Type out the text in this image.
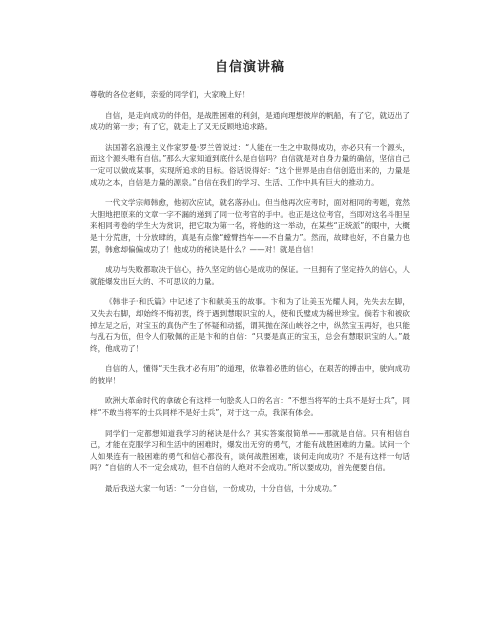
自信演讲稿

尊敬的各位老师，亲爱的同学们，大家晚上好！

自信，是走向成功的伴侣，是战胜困难的利剑，是通向理想彼岸的帆船，有了它，就迈出了成功的第一步；有了它，就走上了又无反顾地追求路。

法国著名浪漫主义作家罗曼·罗兰曾说过：“人能在一生之中取得成功，亦必只有一个源头，而这个源头唯有自信。”那么大家知道到底什么是自信吗？自信就是对自身力量的确信，坚信自己一定可以做成某事，实现所追求的目标。俗话说得好：“这个世界是由自信创造出来的，力量是成功之本，自信是力量的源泉。”自信在我们的学习、生活、工作中具有巨大的推动力。

一代文学宗师韩愈，他初次应试，就名落孙山。但当他再次应考时，面对相同的考题，竟然大胆地把原来的文章一字不漏的递到了同一位考官的手中。也正是这位考官，当即对这名斗胆呈来相同考卷的学生大为赏识，把它取为第一名，将他的这一举动，在某些“正统派”的眼中，大概是十分荒唐，十分放肆的，真是有点像“螳臂挡车——不自量力”。然而，故肆也好，不自量力也罢，韩愈却偏偏成功了！他成功的秘诀是什么？——对！就是自信！

成功与失败都取决于信心，持久坚定的信心是成功的保证。一旦拥有了坚定持久的信心，人就能爆发出巨大的、不可思议的力量。

《韩非子·和氏篇》中记述了卞和献美玉的故事。卞和为了让美玉光耀人间，先失去左脚，又失去右脚，却始终不悔初衷，终于遇到慧眼识宝的人，使和氏璧成为稀世珍宝。倘若卞和被砍掉左足之后，对宝玉的真伪产生了怀疑和动摇，谓其抛在深山峡谷之中，纵然宝玉再好，也只能与乱石为伍，但令人们敬佩的正是卞和的自信：“只要是真正的宝玉，总会有慧眼识宝的人。”最终，他成功了！

自信的人，懂得“天生我才必有用”的道理，依靠着必胜的信心，在艰苦的搏击中，驶向成功的彼岸！

欧洲大革命时代的拿破仑有这样一句脍炙人口的名言：“不想当将军的士兵不是好士兵”，同样“不敢当将军的士兵同样不是好士兵”，对于这一点，我深有体会。

同学们一定都想知道我学习的秘诀是什么？其实答案很简单——那就是自信。只有相信自己，才能在克服学习和生活中的困难时，爆发出无穷的勇气，才能有战胜困难的力量。试问一个人如果连有一般困难的勇气和信心都没有，谈何战胜困难，谈何走向成功？不是有这样一句话吗？“自信的人不一定会成功，但不自信的人绝对不会成功。”所以要成功，首先便要自信。

最后我送大家一句话：“一分自信，一份成功，十分自信，十分成功。”
